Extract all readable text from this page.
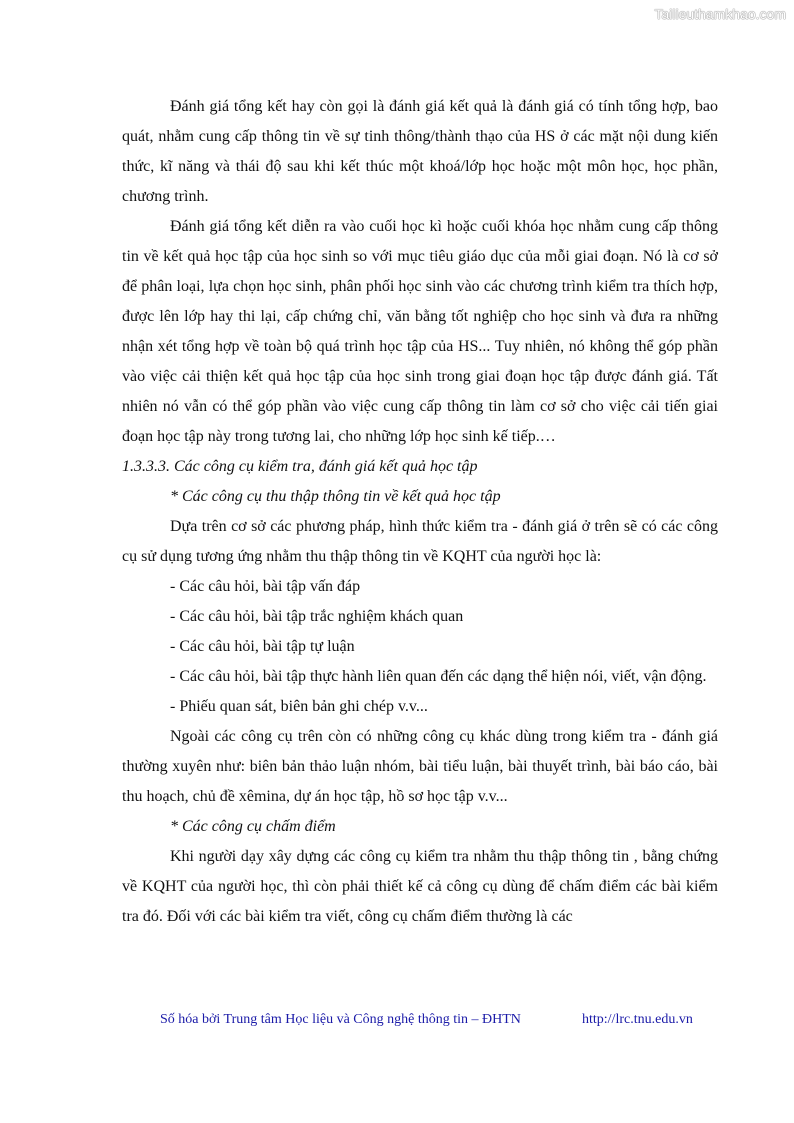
Tailieuthamkhao.com

Đánh giá tổng kết hay còn gọi là đánh giá kết quả là đánh giá có tính tổng hợp, bao quát, nhằm cung cấp thông tin về sự tinh thông/thành thạo của HS ở các mặt nội dung kiến thức, kĩ năng và thái độ sau khi kết thúc một khoá/lớp học hoặc một môn học, học phần, chương trình.

Đánh giá tổng kết diễn ra vào cuối học kì hoặc cuối khóa học nhằm cung cấp thông tin về kết quả học tập của học sinh so với mục tiêu giáo dục của mỗi giai đoạn. Nó là cơ sở để phân loại, lựa chọn học sinh, phân phối học sinh vào các chương trình kiểm tra thích hợp, được lên lớp hay thi lại, cấp chứng chỉ, văn bằng tốt nghiệp cho học sinh và đưa ra những nhận xét tổng hợp về toàn bộ quá trình học tập của HS... Tuy nhiên, nó không thể góp phần vào việc cải thiện kết quả học tập của học sinh trong giai đoạn học tập được đánh giá. Tất nhiên nó vẫn có thể góp phần vào việc cung cấp thông tin làm cơ sở cho việc cải tiến giai đoạn học tập này trong tương lai, cho những lớp học sinh kế tiếp.…

1.3.3.3. Các công cụ kiểm tra, đánh giá kết quả học tập

* Các công cụ thu thập thông tin về kết quả học tập

Dựa trên cơ sở các phương pháp, hình thức kiểm tra - đánh giá ở trên sẽ có các công cụ sử dụng tương ứng nhằm thu thập thông tin về KQHT của người học là:

- Các câu hỏi, bài tập vấn đáp

- Các câu hỏi, bài tập trắc nghiệm khách quan

- Các câu hỏi, bài tập tự luận

- Các câu hỏi, bài tập thực hành liên quan đến các dạng thể hiện nói, viết, vận động.

- Phiếu quan sát, biên bản ghi chép v.v...

Ngoài các công cụ trên còn có những công cụ khác dùng trong kiểm tra - đánh giá thường xuyên như: biên bản thảo luận nhóm, bài tiểu luận, bài thuyết trình, bài báo cáo, bài thu hoạch, chủ đề xêmina, dự án học tập, hồ sơ học tập v.v...

* Các công cụ chấm điểm

Khi người dạy xây dựng các công cụ kiểm tra nhằm thu thập thông tin , bằng chứng về KQHT của người học, thì còn phải thiết kế cả công cụ dùng để chấm điểm các bài kiểm tra đó. Đối với các bài kiểm tra viết, công cụ chấm điểm thường là các

Số hóa bởi Trung tâm Học liệu và Công nghệ thông tin – ĐHTN	http://lrc.tnu.edu.vn
